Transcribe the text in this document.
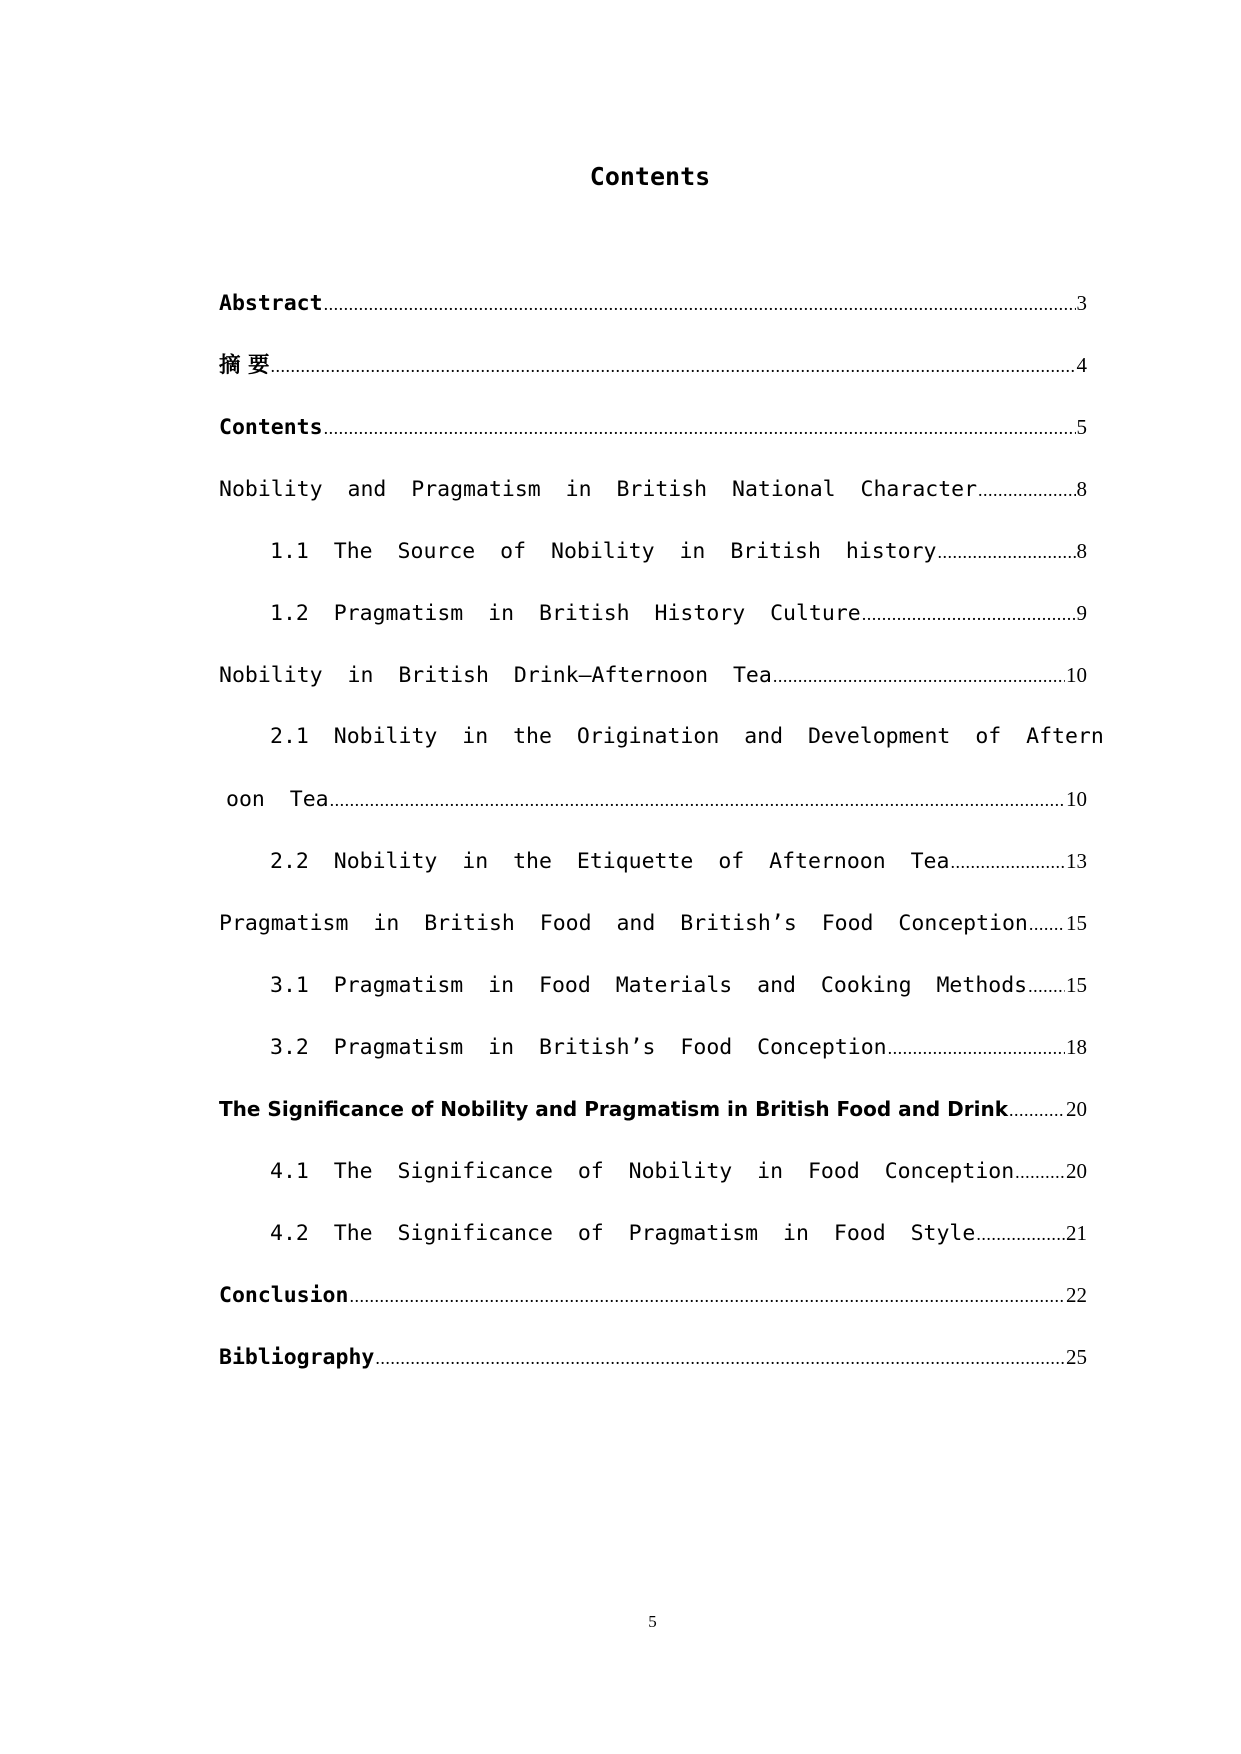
Contents
Abstract .....	3
摘 要 .....	4
Contents .....	5
Nobility and Pragmatism in British National Character .....	8
1.1 The Source of Nobility in British history .....	8
1.2 Pragmatism in British History Culture .....	9
Nobility in British Drink—Afternoon Tea .....	10
2.1 Nobility in the Origination and Development of Aftern
oon Tea .....	10
2.2 Nobility in the Etiquette of Afternoon Tea .....	13
Pragmatism in British Food and British’s Food Conception ..... 15
3.1 Pragmatism in Food Materials and Cooking Methods ..... 15
3.2 Pragmatism in British’s Food Conception .....	18
The Significance of Nobility and Pragmatism in British Food and Drink .....	20
4.1 The Significance of Nobility in Food Conception ..... 20
4.2 The Significance of Pragmatism in Food Style .....	21
Conclusion .....	22
Bibliography .....	25
5
